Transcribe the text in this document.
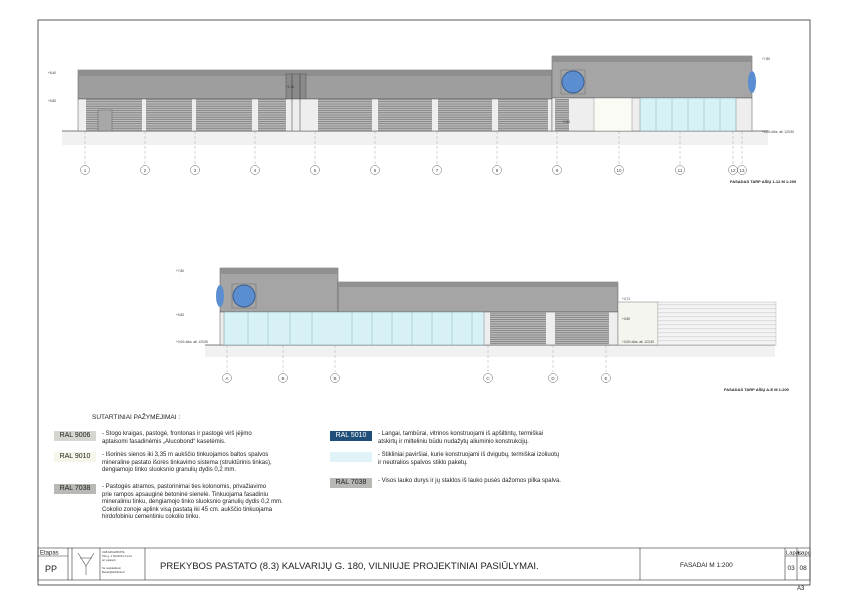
1	2	3	4	5	6	7	8	9	10	11	12 13
+8,40
+5,80
+1,20
+0,80
+0,00=Abs. alt. 123,90
+7,80
FASADAS TARP AŠIŲ 1-12 M 1:200
A	B	B	C	D	E
+7,80
+4,71
+5,80
+0,80
+0,00=Abs. alt. 123,90	+0,00=Abs. alt. 123,90
FASADAS TARP AŠIŲ A-E M 1:200
Etapas
PP
UAB ARCHIBOSTA
Tilto g. 4 VILNIUS LT-xxxx
tel. pataisyti
Ne nepraktikuoti
Biuras@archibūta.lt
PREKYBOS PASTATO (8.3) KALVARIJŲ G. 180, VILNIUJE PROJEKTINIAI PASIŪLYMAI.	FASADAI M 1:200
Lapas
Lapų
03 08
A3
SUTARTINIAI PAŽYMĖJIMAI :
RAL 9006	- Stogo kraigas, pastogė, frontonas ir pastogė virš įėjimo
aptaisomi fasadinėmis „Alucobond“ kasetėmis.
RAL 9010	- Išorinės sienos iki 3,35 m aukščio tinkuojamos baltos spalvos
mineraline pastato išorės tinkavimo sistema (struktūrinis tinkas),
dengiamojo tinko sluoksnio granulių dydis 0,2 mm.
RAL 7038	- Pastogės atramos, pastorinimai ties kolonomis, privažiavimo
prie rampos apsauginė betoninė sienelė. Tinkuojama fasadiniu
mineraliniu tinku, dengiamojo tinko sluoksnio granulių dydis 0,2 mm.
Cokolio zonoje aplink visą pastatą iki 45 cm. aukščio tinkuojama
hirdofobiniu cementiniu cokolio tinku.
RAL 5010	- Langai, tambūrai, vitrinos konstruojami iš apšiltintų, termiškai
atskirtų ir milteliniu būdu nudažytų aliuminio konstrukcijų.
- Stikliniai paviršiai, kurie konstruojami iš dvigubų, termiškai izoliuotų
ir neutralios spalvos stiklo paketų.
RAL 7038	- Visos lauko durys ir jų staktos iš lauko pusės dažomos pilka spalva.
